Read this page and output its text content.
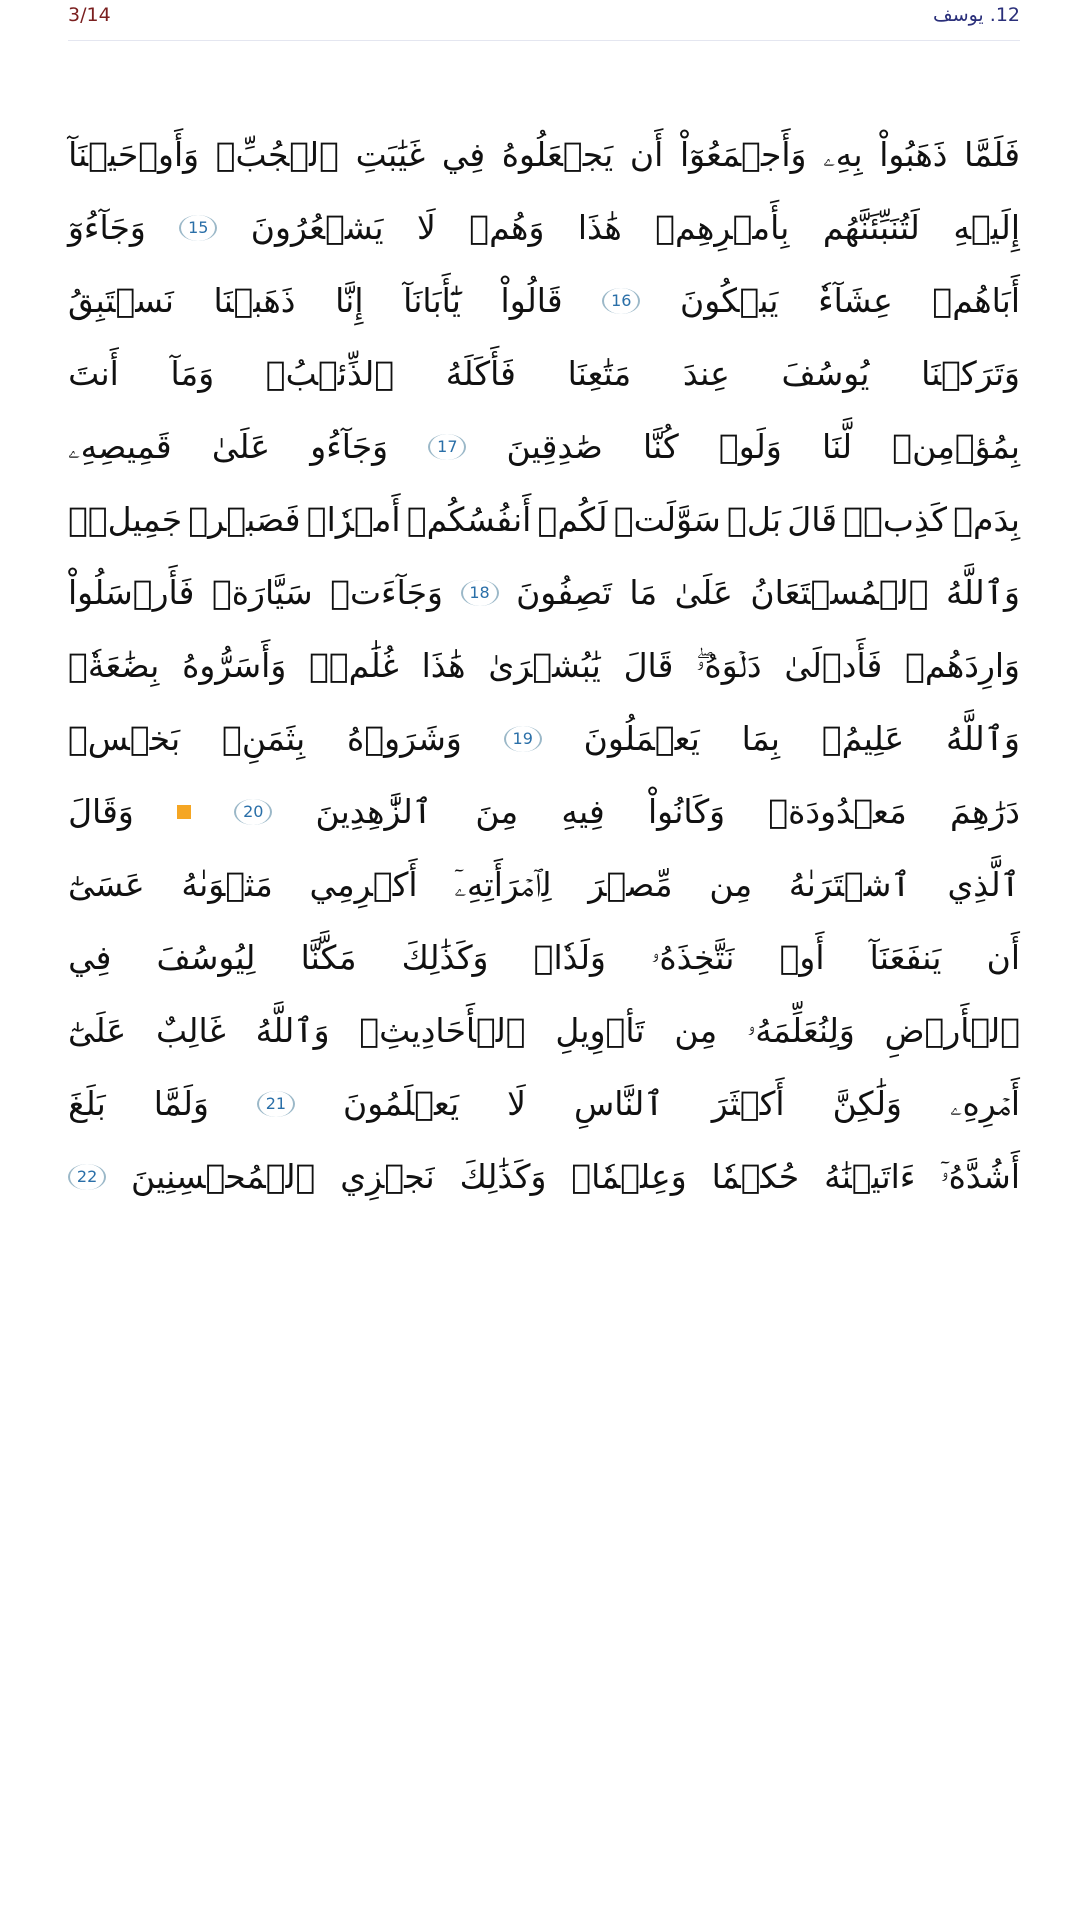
3/14	12. يوسف
فَلَمَّا
ذَهَبُواْ
بِهِۦ
وَأَجۡمَعُوٓاْ
أَن
يَجۡعَلُوهُ
فِي
غَيَٰبَتِ
ٱلۡجُبِّۚ
وَأَوۡحَيۡنَآ
إِلَيۡهِ
لَتُنَبِّئَنَّهُم
بِأَمۡرِهِمۡ
هَٰذَا
وَهُمۡ
لَا
يَشۡعُرُونَ
15
وَجَآءُوٓ
أَبَاهُمۡ
عِشَآءٗ
يَبۡكُونَ
16
قَالُواْ
يَٰٓأَبَانَآ
إِنَّا
ذَهَبۡنَا
نَسۡتَبِقُ
وَتَرَكۡنَا
يُوسُفَ
عِندَ
مَتَٰعِنَا
فَأَكَلَهُ
ٱلذِّئۡبُۖ
وَمَآ
أَنتَ
بِمُؤۡمِنٖ
لَّنَا
وَلَوۡ
كُنَّا
صَٰدِقِينَ
17
وَجَآءُو
عَلَىٰ
قَمِيصِهِۦ
بِدَمٖ
كَذِبٖۚ
قَالَ
بَلۡ
سَوَّلَتۡ
لَكُمۡ
أَنفُسُكُمۡ
أَمۡرٗاۖ
فَصَبۡرٞ
جَمِيلٞۖ
وَٱللَّهُ
ٱلۡمُسۡتَعَانُ
عَلَىٰ
مَا
تَصِفُونَ
18
وَجَآءَتۡ
سَيَّارَةٞ
فَأَرۡسَلُواْ
وَارِدَهُمۡ
فَأَدۡلَىٰ
دَلۡوَهُۥۖ
قَالَ
يَٰبُشۡرَىٰ
هَٰذَا
غُلَٰمٞۚ
وَأَسَرُّوهُ
بِضَٰعَةٗۚ
وَٱللَّهُ
عَلِيمُۢ
بِمَا
يَعۡمَلُونَ
19
وَشَرَوۡهُ
بِثَمَنِۢ
بَخۡسٖ
دَرَٰهِمَ
مَعۡدُودَةٖ
وَكَانُواْ
فِيهِ
مِنَ
ٱلزَّٰهِدِينَ
20
وَقَالَ
ٱلَّذِي
ٱشۡتَرَىٰهُ
مِن
مِّصۡرَ
لِٱمۡرَأَتِهِۦٓ
أَكۡرِمِي
مَثۡوَىٰهُ
عَسَىٰٓ
أَن
يَنفَعَنَآ
أَوۡ
نَتَّخِذَهُۥ
وَلَدٗاۚ
وَكَذَٰلِكَ
مَكَّنَّا
لِيُوسُفَ
فِي
ٱلۡأَرۡضِ
وَلِنُعَلِّمَهُۥ
مِن
تَأۡوِيلِ
ٱلۡأَحَادِيثِۚ
وَٱللَّهُ
غَالِبٌ
عَلَىٰٓ
أَمۡرِهِۦ
وَلَٰكِنَّ
أَكۡثَرَ
ٱلنَّاسِ
لَا
يَعۡلَمُونَ
21
وَلَمَّا
بَلَغَ
أَشُدَّهُۥٓ
ءَاتَيۡنَٰهُ
حُكۡمٗا
وَعِلۡمٗاۚ
وَكَذَٰلِكَ
نَجۡزِي
ٱلۡمُحۡسِنِينَ
22
